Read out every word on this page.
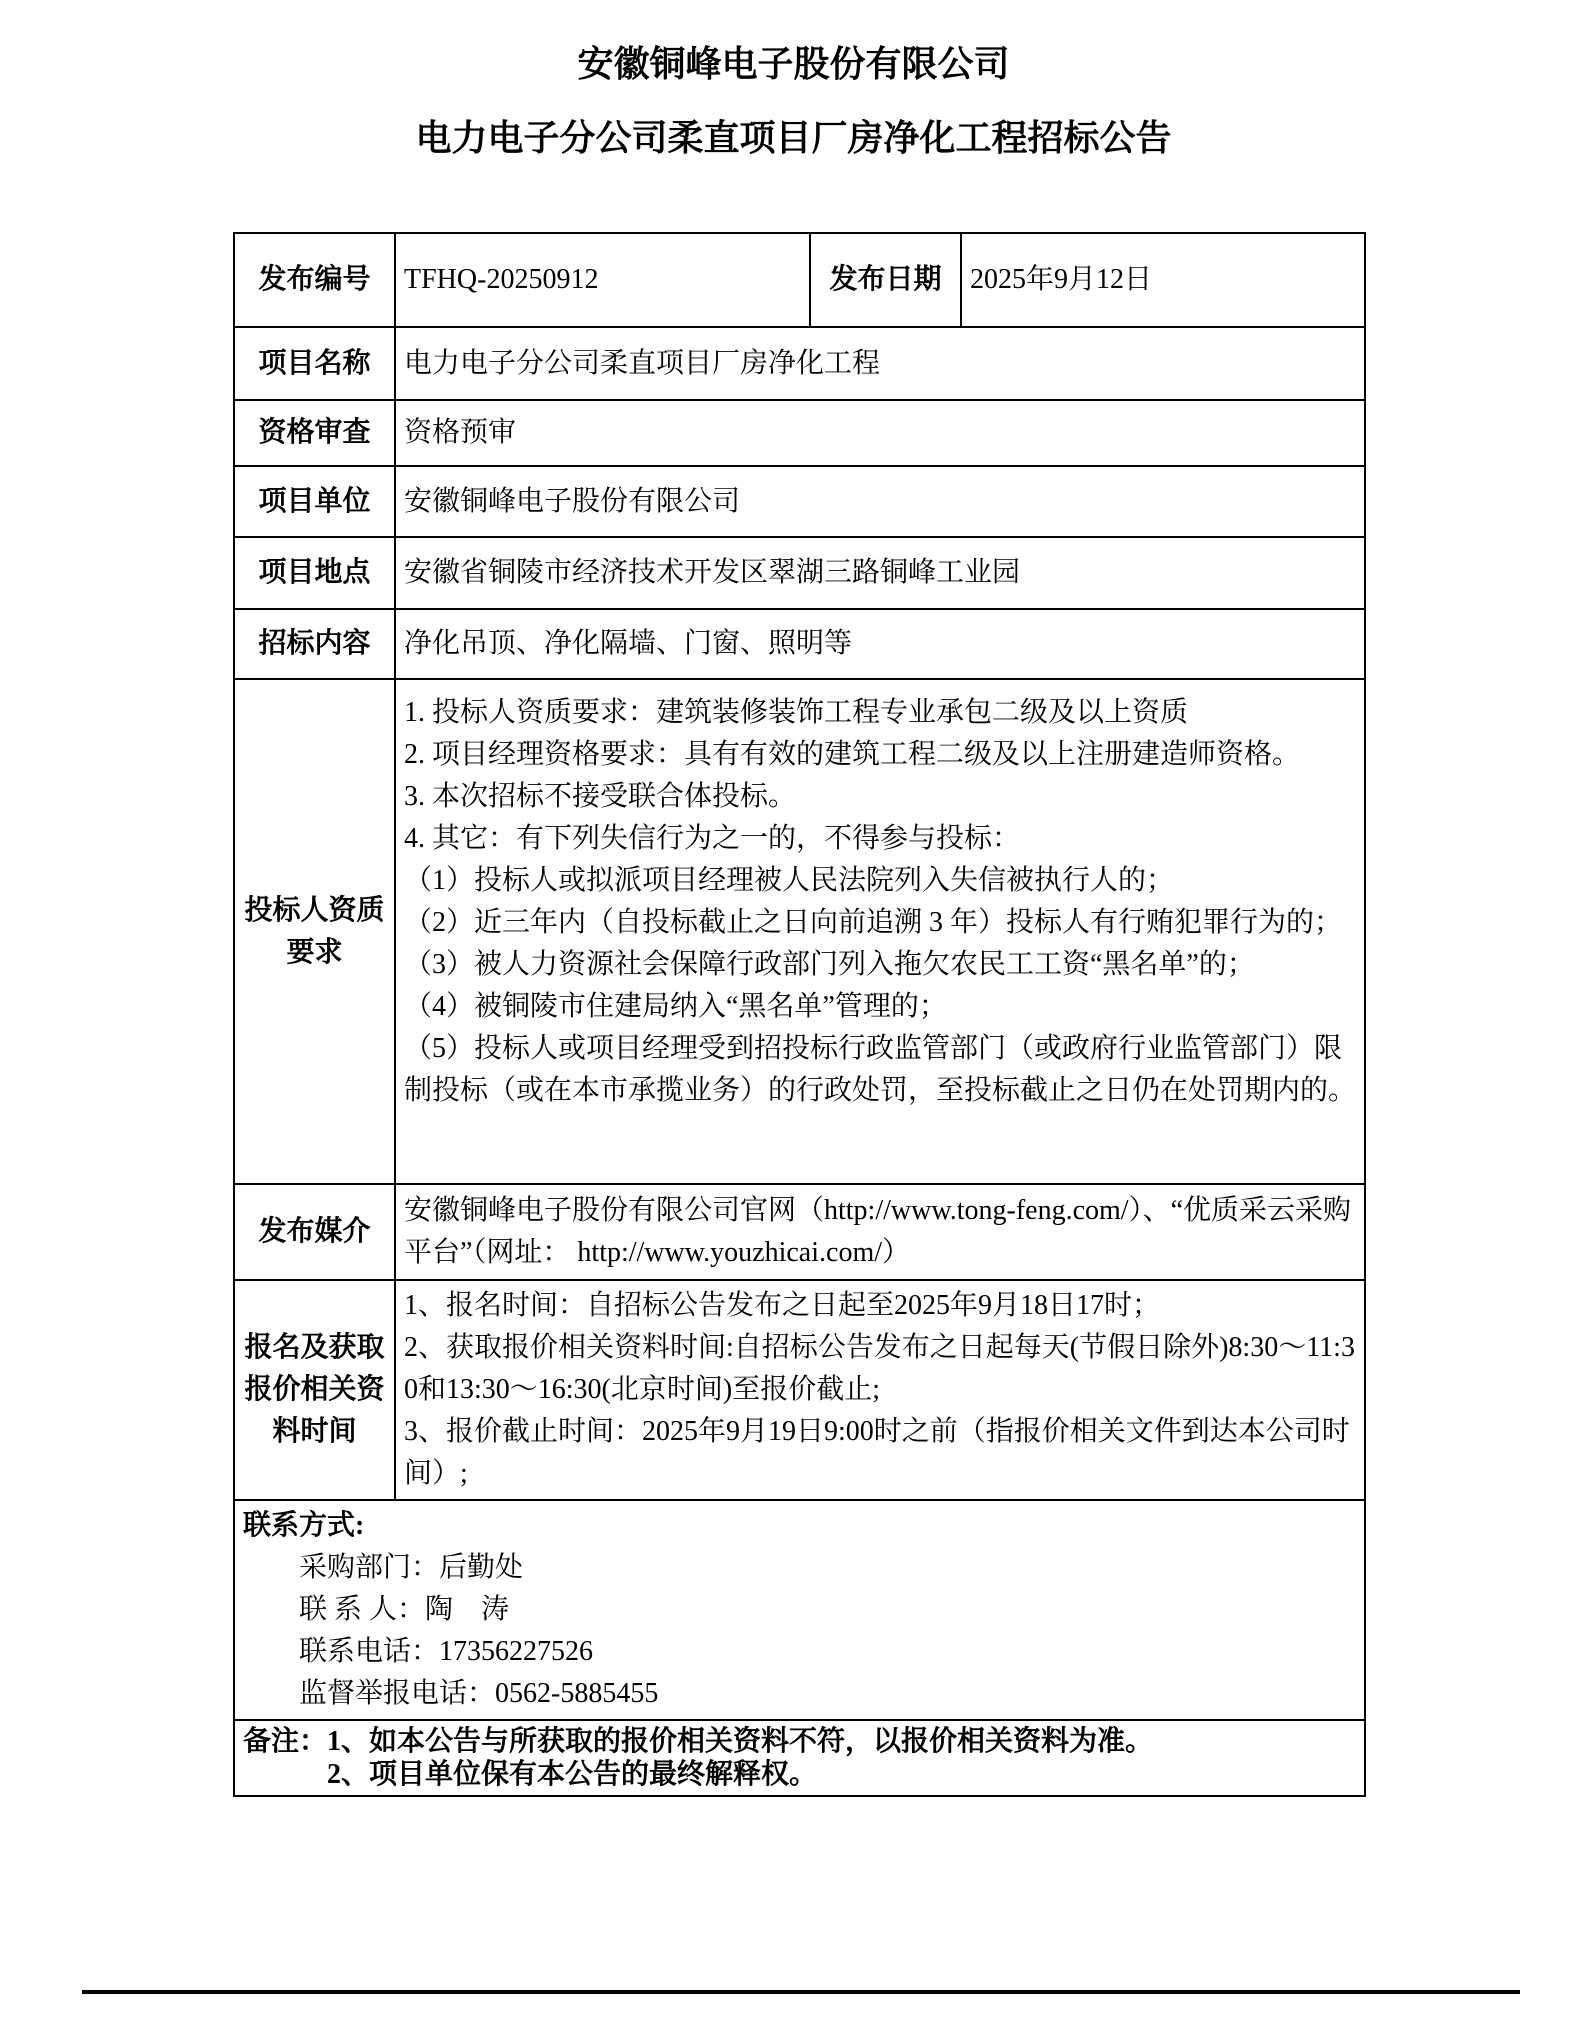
安徽铜峰电子股份有限公司
电力电子分公司柔直项目厂房净化工程招标公告
发布编号	TFHQ-20250912	发布日期	2025年9月12日
项目名称	电力电子分公司柔直项目厂房净化工程		
资格审查	资格预审		
项目单位	安徽铜峰电子股份有限公司		
项目地点	安徽省铜陵市经济技术开发区翠湖三路铜峰工业园		
招标内容	净化吊顶、净化隔墙、门窗、照明等		
投标人资质要求	

1. 投标人资质要求：建筑装修装饰工程专业承包二级及以上资质

2. 项目经理资格要求：具有有效的建筑工程二级及以上注册建造师资格。

3. 本次招标不接受联合体投标。

4. 其它：有下列失信行为之一的，不得参与投标：

（1）投标人或拟派项目经理被人民法院列入失信被执行人的；

（2）近三年内（自投标截止之日向前追溯 3 年）投标人有行贿犯罪行为的；

（3）被人力资源社会保障行政部门列入拖欠农民工工资“黑名单”的；

（4）被铜陵市住建局纳入“黑名单”管理的；

（5）投标人或项目经理受到招投标行政监管部门（或政府行业监管部门）限制投标（或在本市承揽业务）的行政处罚，至投标截止之日仍在处罚期内的。

发布媒介	安徽铜峰电子股份有限公司官网（http://www.tong-feng.com/）、“优质采云采购平台”（网址： http://www.youzhicai.com/）		
报名及获取报价相关资料时间	1、报名时间：自招标公告发布之日起至2025年9月18日17时；

2、获取报价相关资料时间:自招标公告发布之日起每天(节假日除外)8:30～11:30和13:30～16:30(北京时间)至报价截止;

3、报价截止时间：2025年9月19日9:00时之前（指报价相关文件到达本公司时间）;		

联系方式:

采购部门：后勤处

联 系 人：陶　涛

联系电话：17356227526

监督举报电话：0562-5885455			

备注：1、如本公告与所获取的报价相关资料不符，以报价相关资料为准。

2、项目单位保有本公告的最终解释权。			
